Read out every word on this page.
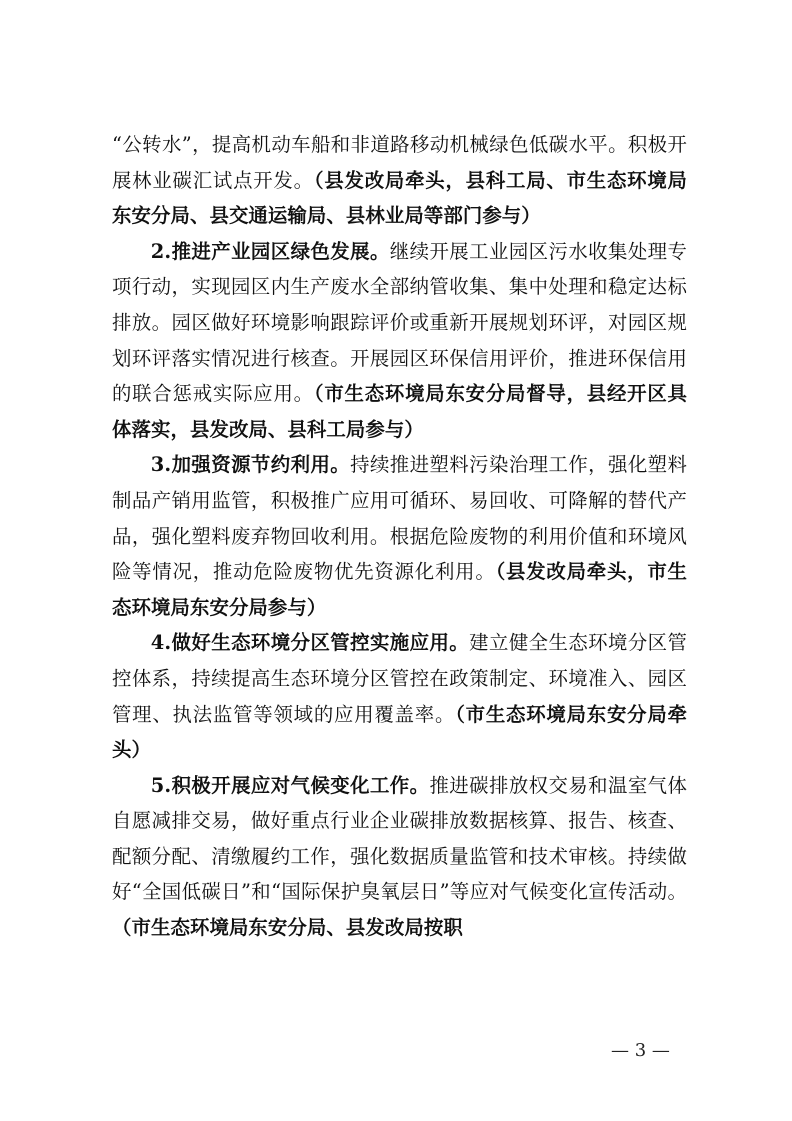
“公转水”，提高机动车船和非道路移动机械绿色低碳水平。积极开展林业碳汇试点开发。（县发改局牵头，县科工局、市生态环境局东安分局、县交通运输局、县林业局等部门参与）

2.推进产业园区绿色发展。继续开展工业园区污水收集处理专项行动，实现园区内生产废水全部纳管收集、集中处理和稳定达标排放。园区做好环境影响跟踪评价或重新开展规划环评，对园区规划环评落实情况进行核查。开展园区环保信用评价，推进环保信用的联合惩戒实际应用。（市生态环境局东安分局督导，县经开区具体落实，县发改局、县科工局参与）

3.加强资源节约利用。持续推进塑料污染治理工作，强化塑料制品产销用监管，积极推广应用可循环、易回收、可降解的替代产品，强化塑料废弃物回收利用。根据危险废物的利用价值和环境风险等情况，推动危险废物优先资源化利用。（县发改局牵头，市生态环境局东安分局参与）

4.做好生态环境分区管控实施应用。建立健全生态环境分区管控体系，持续提高生态环境分区管控在政策制定、环境准入、园区管理、执法监管等领域的应用覆盖率。（市生态环境局东安分局牵头）

5.积极开展应对气候变化工作。推进碳排放权交易和温室气体自愿减排交易，做好重点行业企业碳排放数据核算、报告、核查、配额分配、清缴履约工作，强化数据质量监管和技术审核。持续做好“全国低碳日”和“国际保护臭氧层日”等应对气候变化宣传活动。（市生态环境局东安分局、县发改局按职

— 3 —
